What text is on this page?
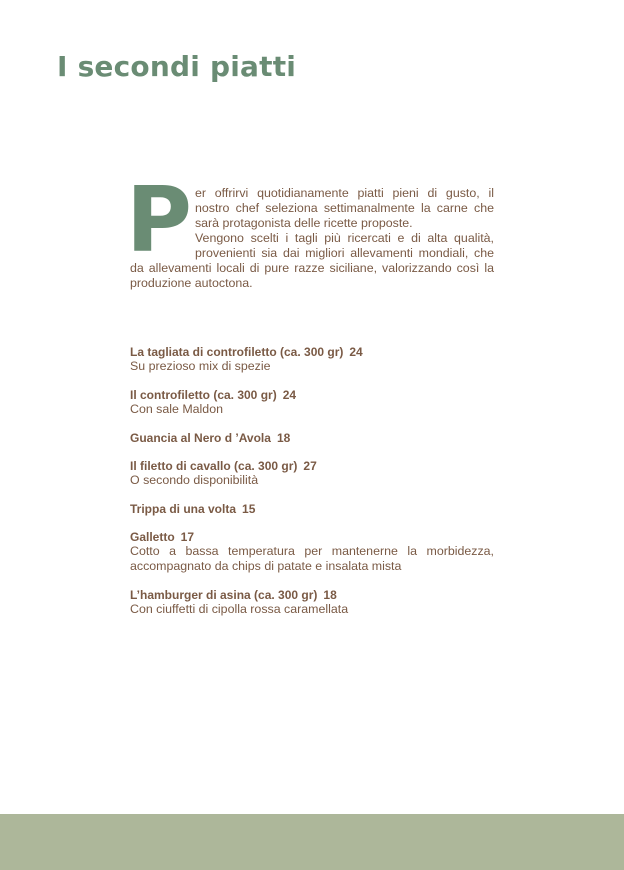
I secondi piatti
P er offrirvi quotidianamente piatti pieni di gusto, il nostro chef seleziona settimanalmente la carne che sarà protagonista delle ricette proposte.

Vengono scelti i tagli più ricercati e di alta qualità, provenienti sia dai migliori allevamenti mondiali, che da allevamenti locali di pure razze siciliane, valorizzando così la produzione autoctona.

La tagliata di controfiletto (ca. 300 gr) 24
Su prezioso mix di spezie
Il controfiletto (ca. 300 gr) 24
Con sale Maldon
Guancia al Nero d ’Avola 18
Il filetto di cavallo (ca. 300 gr) 27
O secondo disponibilità
Trippa di una volta 15
Galletto 17
Cotto a bassa temperatura per mantenerne la morbidezza, accompagnato da chips di patate e insalata mista
L’hamburger di asina (ca. 300 gr) 18
Con ciuffetti di cipolla rossa caramellata
